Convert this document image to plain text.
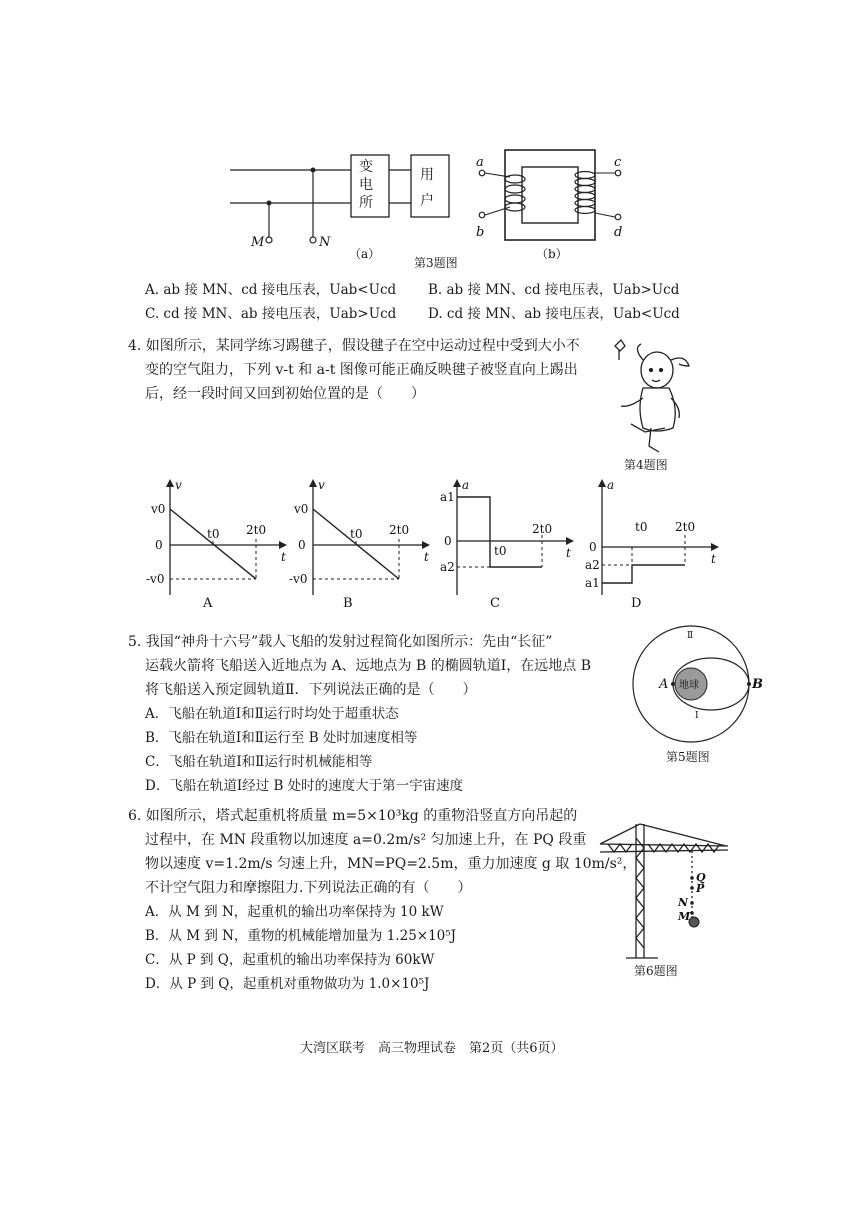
M	N
（a）
变电所
用户
a
b
c
d
（b）
第3题图
A. ab 接 MN、cd 接电压表，Uab<Ucd B. ab 接 MN、cd 接电压表，Uab>Ucd
C. cd 接 MN、ab 接电压表，Uab>Ucd D. cd 接 MN、ab 接电压表，Uab<Ucd
4. 如图所示，某同学练习踢毽子，假设毽子在空中运动过程中受到大小不
变的空气阻力，下列 v-t 和 a-t 图像可能正确反映毽子被竖直向上踢出
后，经一段时间又回到初始位置的是（　　）
第4题图
v
t
v0
0
-v0
t0 2t0
A
v
t
v0
0
-v0
t0 2t0
B
a
t
a1
0
a2
t0
2t0
C
a
t
0
a2
a1
t0 2t0
D
5. 我国“神舟十六号”载人飞船的发射过程简化如图所示：先由“长征”
运载火箭将飞船送入近地点为 A、远地点为 B 的椭圆轨道Ⅰ，在远地点 B
将飞船送入预定圆轨道Ⅱ．下列说法正确的是（　　）
A．飞船在轨道Ⅰ和Ⅱ运行时均处于超重状态
B．飞船在轨道Ⅰ和Ⅱ运行至 B 处时加速度相等
C．飞船在轨道Ⅰ和Ⅱ运行时机械能相等
D．飞船在轨道Ⅰ经过 B 处时的速度大于第一宇宙速度
A	B
地球
Ⅱ
Ⅰ
第5题图
6. 如图所示，塔式起重机将质量 m=5×10³kg 的重物沿竖直方向吊起的
过程中，在 MN 段重物以加速度 a=0.2m/s² 匀加速上升，在 PQ 段重
物以速度 v=1.2m/s 匀速上升，MN=PQ=2.5m，重力加速度 g 取 10m/s²，
不计空气阻力和摩擦阻力.下列说法正确的有（　　）
A．从 M 到 N，起重机的输出功率保持为 10 kW
B．从 M 到 N，重物的机械能增加量为 1.25×10⁵J
C．从 P 到 Q，起重机的输出功率保持为 60kW
D．从 P 到 Q，起重机对重物做功为 1.0×10⁵J
Q
P
N
M
第6题图
大湾区联考　高三物理试卷　第2页（共6页）
